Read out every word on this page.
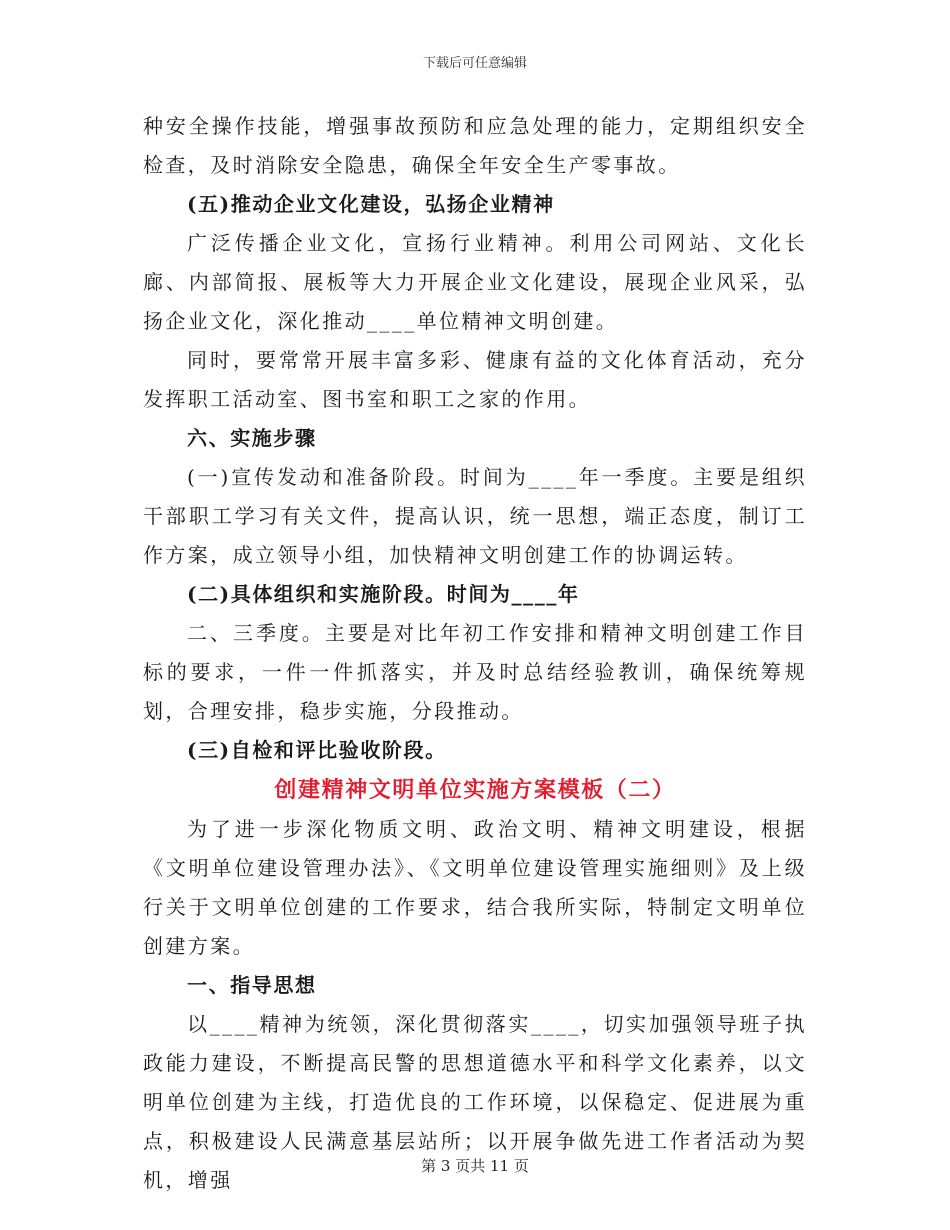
下载后可任意编辑

种安全操作技能，增强事故预防和应急处理的能力，定期组织安全检查，及时消除安全隐患，确保全年安全生产零事故。

(五)推动企业文化建设，弘扬企业精神

广泛传播企业文化，宣扬行业精神。利用公司网站、文化长廊、内部简报、展板等大力开展企业文化建设，展现企业风采，弘扬企业文化，深化推动____单位精神文明创建。

同时，要常常开展丰富多彩、健康有益的文化体育活动，充分发挥职工活动室、图书室和职工之家的作用。

六、实施步骤

(一)宣传发动和准备阶段。时间为____年一季度。主要是组织干部职工学习有关文件，提高认识，统一思想，端正态度，制订工作方案，成立领导小组，加快精神文明创建工作的协调运转。

(二)具体组织和实施阶段。时间为____年

二、三季度。主要是对比年初工作安排和精神文明创建工作目标的要求，一件一件抓落实，并及时总结经验教训，确保统筹规划，合理安排，稳步实施，分段推动。

(三)自检和评比验收阶段。

创建精神文明单位实施方案模板（二）

为了进一步深化物质文明、政治文明、精神文明建设，根据《文明单位建设管理办法》、《文明单位建设管理实施细则》及上级行关于文明单位创建的工作要求，结合我所实际，特制定文明单位创建方案。

一、指导思想

以____精神为统领，深化贯彻落实____，切实加强领导班子执政能力建设，不断提高民警的思想道德水平和科学文化素养，以文明单位创建为主线，打造优良的工作环境，以保稳定、促进展为重点，积极建设人民满意基层站所；以开展争做先进工作者活动为契机，增强

第 3 页共 11 页
